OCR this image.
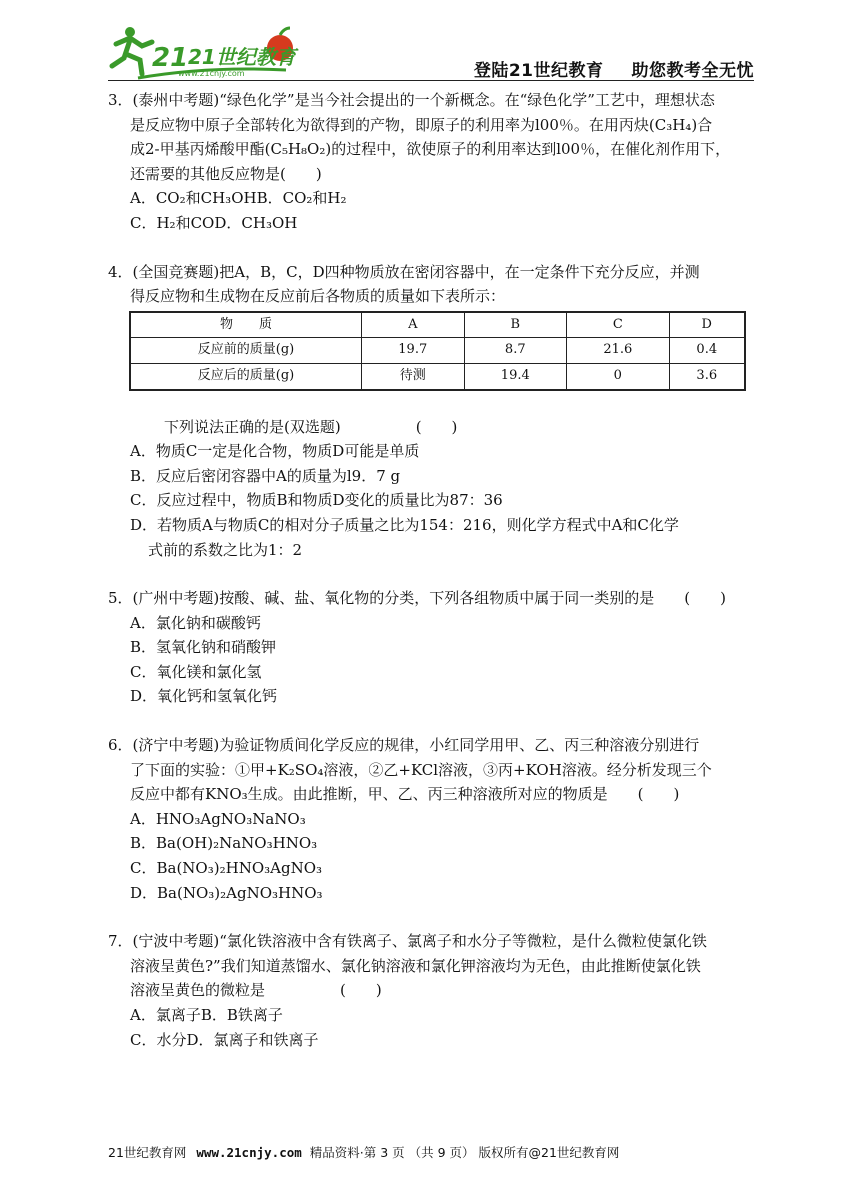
21 21世纪教育
www.21cnjy.com	登陆21世纪教育 助您教考全无忧

3．(泰州中考题)“绿色化学”是当今社会提出的一个新概念。在“绿色化学”工艺中，理想状态

是反应物中原子全部转化为欲得到的产物，即原子的利用率为l00％。在用丙炔(C₃H₄)合

成2-甲基丙烯酸甲酯(C₅H₈O₂)的过程中，欲使原子的利用率达到l00％，在催化剂作用下，

还需要的其他反应物是(　　)

A．CO₂和CH₃OHB．CO₂和H₂

C．H₂和COD．CH₃OH

4．(全国竞赛题)把A，B，C，D四种物质放在密闭容器中，在一定条件下充分反应，并测

得反应物和生成物在反应前后各物质的质量如下表所示：

物　　质	A	B	C	D
反应前的质量(g)	19.7	8.7	21.6	0.4
反应后的质量(g)	待测	19.4	0	3.6

下列说法正确的是(双选题)　　　　　(　　)

A．物质C一定是化合物，物质D可能是单质

B．反应后密闭容器中A的质量为l9．7 g

C．反应过程中，物质B和物质D变化的质量比为87：36

D．若物质A与物质C的相对分子质量之比为154：216，则化学方程式中A和C化学

式前的系数之比为1：2

5．(广州中考题)按酸、碱、盐、氧化物的分类，下列各组物质中属于同一类别的是　　(　　)

A．氯化钠和碳酸钙

B．氢氧化钠和硝酸钾

C．氧化镁和氯化氢

D．氧化钙和氢氧化钙

6．(济宁中考题)为验证物质间化学反应的规律，小红同学用甲、乙、丙三种溶液分别进行

了下面的实验：①甲+K₂SO₄溶液，②乙+KCl溶液，③丙+KOH溶液。经分析发现三个

反应中都有KNO₃生成。由此推断，甲、乙、丙三种溶液所对应的物质是　　(　　)

A．HNO₃AgNO₃NaNO₃

B．Ba(OH)₂NaNO₃HNO₃

C．Ba(NO₃)₂HNO₃AgNO₃

D．Ba(NO₃)₂AgNO₃HNO₃

7．(宁波中考题)“氯化铁溶液中含有铁离子、氯离子和水分子等微粒，是什么微粒使氯化铁

溶液呈黄色?”我们知道蒸馏水、氯化钠溶液和氯化钾溶液均为无色，由此推断使氯化铁

溶液呈黄色的微粒是　　　　　(　　)

A．氯离子B．B铁离子

C．水分D．氯离子和铁离子

21世纪教育网 www.21cnjy.com 精品资料·第 3 页 （共 9 页） 版权所有@21世纪教育网
